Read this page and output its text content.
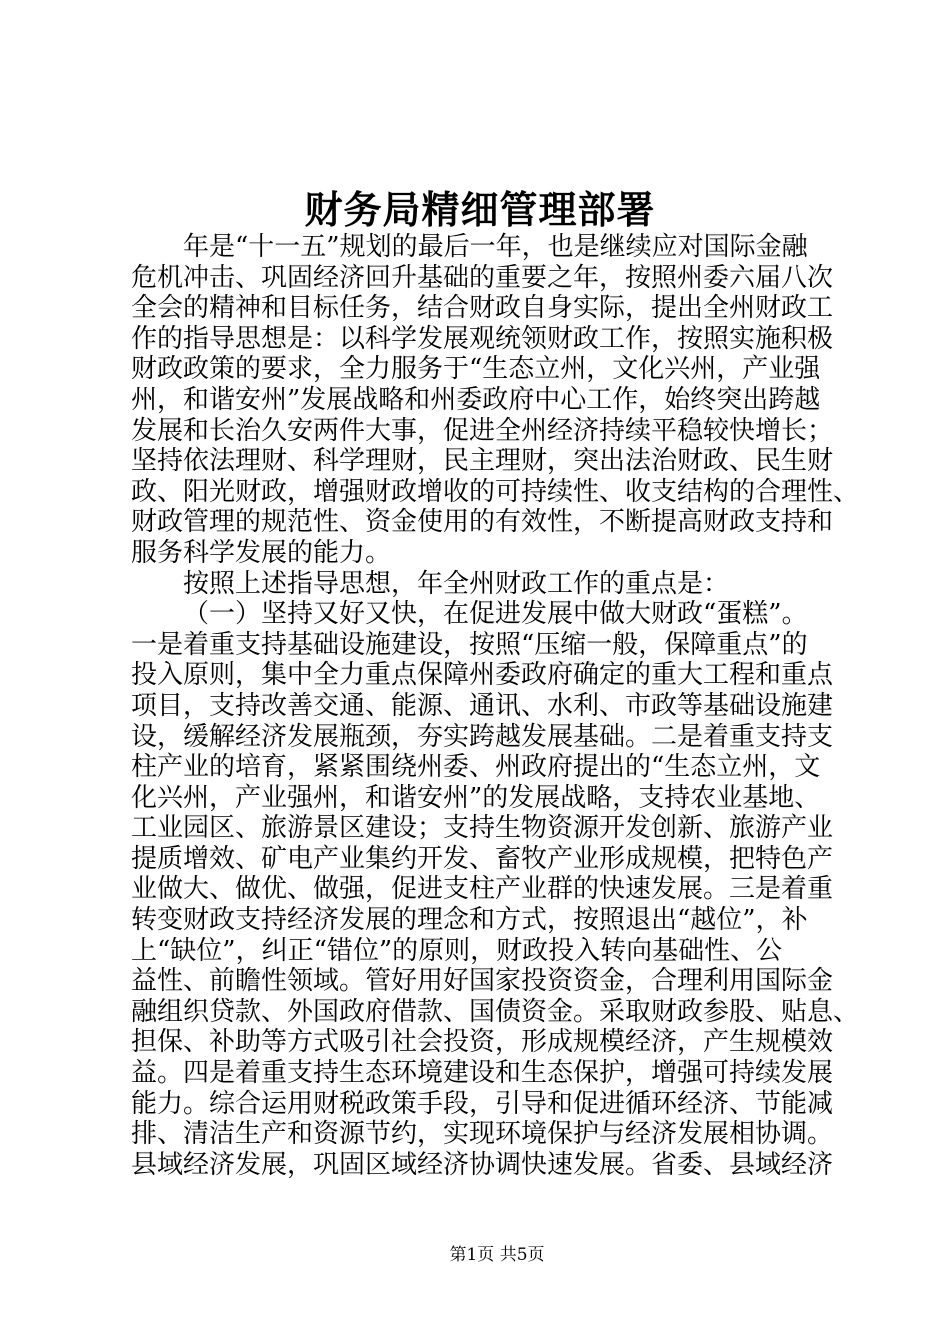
财务局精细管理部署
年是“十一五”规划的最后一年，也是继续应对国际金融
危机冲击、巩固经济回升基础的重要之年，按照州委六届八次
全会的精神和目标任务，结合财政自身实际，提出全州财政工
作的指导思想是：以科学发展观统领财政工作，按照实施积极
财政政策的要求，全力服务于“生态立州，文化兴州，产业强
州，和谐安州”发展战略和州委政府中心工作，始终突出跨越
发展和长治久安两件大事，促进全州经济持续平稳较快增长；
坚持依法理财、科学理财，民主理财，突出法治财政、民生财
政、阳光财政，增强财政增收的可持续性、收支结构的合理性、
财政管理的规范性、资金使用的有效性，不断提高财政支持和
服务科学发展的能力。
按照上述指导思想，年全州财政工作的重点是：
（一）坚持又好又快，在促进发展中做大财政“蛋糕”。
一是着重支持基础设施建设，按照“压缩一般，保障重点”的
投入原则，集中全力重点保障州委政府确定的重大工程和重点
项目，支持改善交通、能源、通讯、水利、市政等基础设施建
设，缓解经济发展瓶颈，夯实跨越发展基础。二是着重支持支
柱产业的培育，紧紧围绕州委、州政府提出的“生态立州，文
化兴州，产业强州，和谐安州”的发展战略，支持农业基地、
工业园区、旅游景区建设；支持生物资源开发创新、旅游产业
提质增效、矿电产业集约开发、畜牧产业形成规模，把特色产
业做大、做优、做强，促进支柱产业群的快速发展。三是着重
转变财政支持经济发展的理念和方式，按照退出“越位”，补
上“缺位”，纠正“错位”的原则，财政投入转向基础性、公
益性、前瞻性领域。管好用好国家投资资金，合理利用国际金
融组织贷款、外国政府借款、国债资金。采取财政参股、贴息、
担保、补助等方式吸引社会投资，形成规模经济，产生规模效
益。四是着重支持生态环境建设和生态保护，增强可持续发展
能力。综合运用财税政策手段，引导和促进循环经济、节能减
排、清洁生产和资源节约，实现环境保护与经济发展相协调。
县域经济发展，巩固区域经济协调快速发展。省委、县域经济
第1页 共5页
